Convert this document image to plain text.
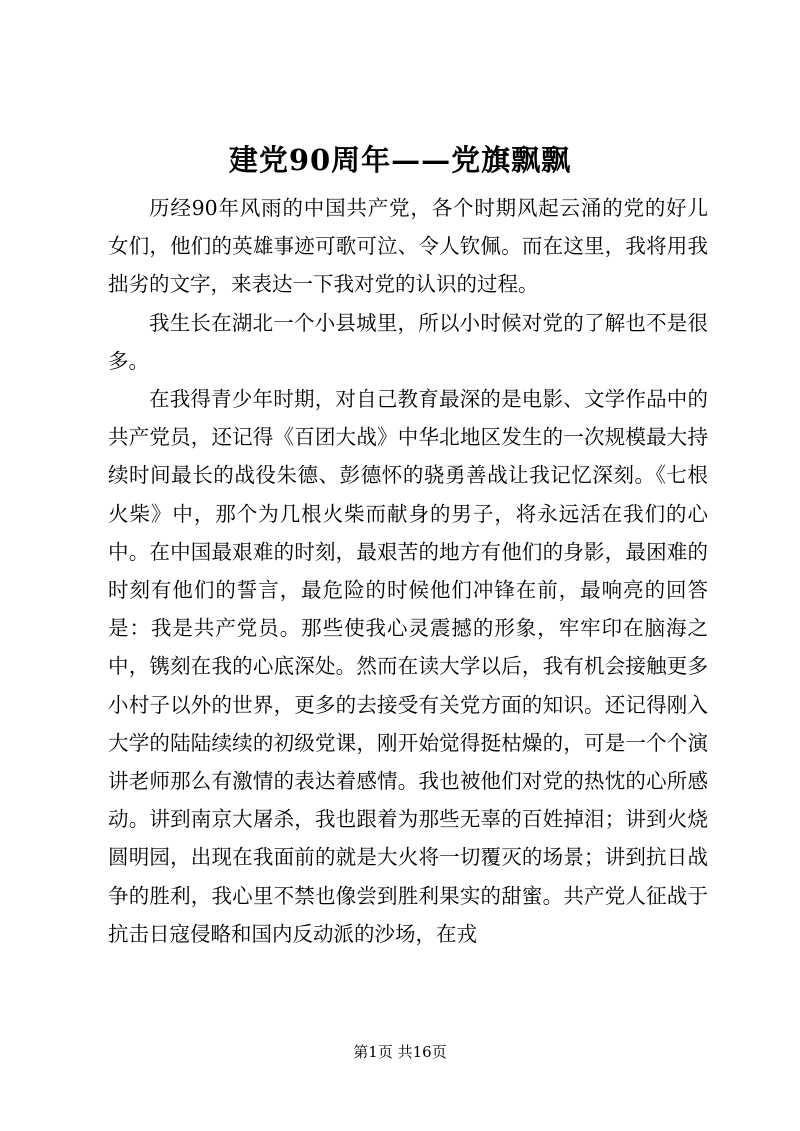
建党90周年——党旗飘飘

历经90年风雨的中国共产党，各个时期风起云涌的党的好儿女们，他们的英雄事迹可歌可泣、令人钦佩。而在这里，我将用我拙劣的文字，来表达一下我对党的认识的过程。

我生长在湖北一个小县城里，所以小时候对党的了解也不是很多。

在我得青少年时期，对自己教育最深的是电影、文学作品中的共产党员，还记得《百团大战》中华北地区发生的一次规模最大持续时间最长的战役朱德、彭德怀的骁勇善战让我记忆深刻。《七根火柴》中，那个为几根火柴而献身的男子，将永远活在我们的心中。在中国最艰难的时刻，最艰苦的地方有他们的身影，最困难的时刻有他们的誓言，最危险的时候他们冲锋在前，最响亮的回答是：我是共产党员。那些使我心灵震撼的形象，牢牢印在脑海之中，镌刻在我的心底深处。然而在读大学以后，我有机会接触更多小村子以外的世界，更多的去接受有关党方面的知识。还记得刚入大学的陆陆续续的初级党课，刚开始觉得挺枯燥的，可是一个个演讲老师那么有激情的表达着感情。我也被他们对党的热忱的心所感动。讲到南京大屠杀，我也跟着为那些无辜的百姓掉泪；讲到火烧圆明园，出现在我面前的就是大火将一切覆灭的场景；讲到抗日战争的胜利，我心里不禁也像尝到胜利果实的甜蜜。共产党人征战于抗击日寇侵略和国内反动派的沙场，在戎

第1页 共16页
